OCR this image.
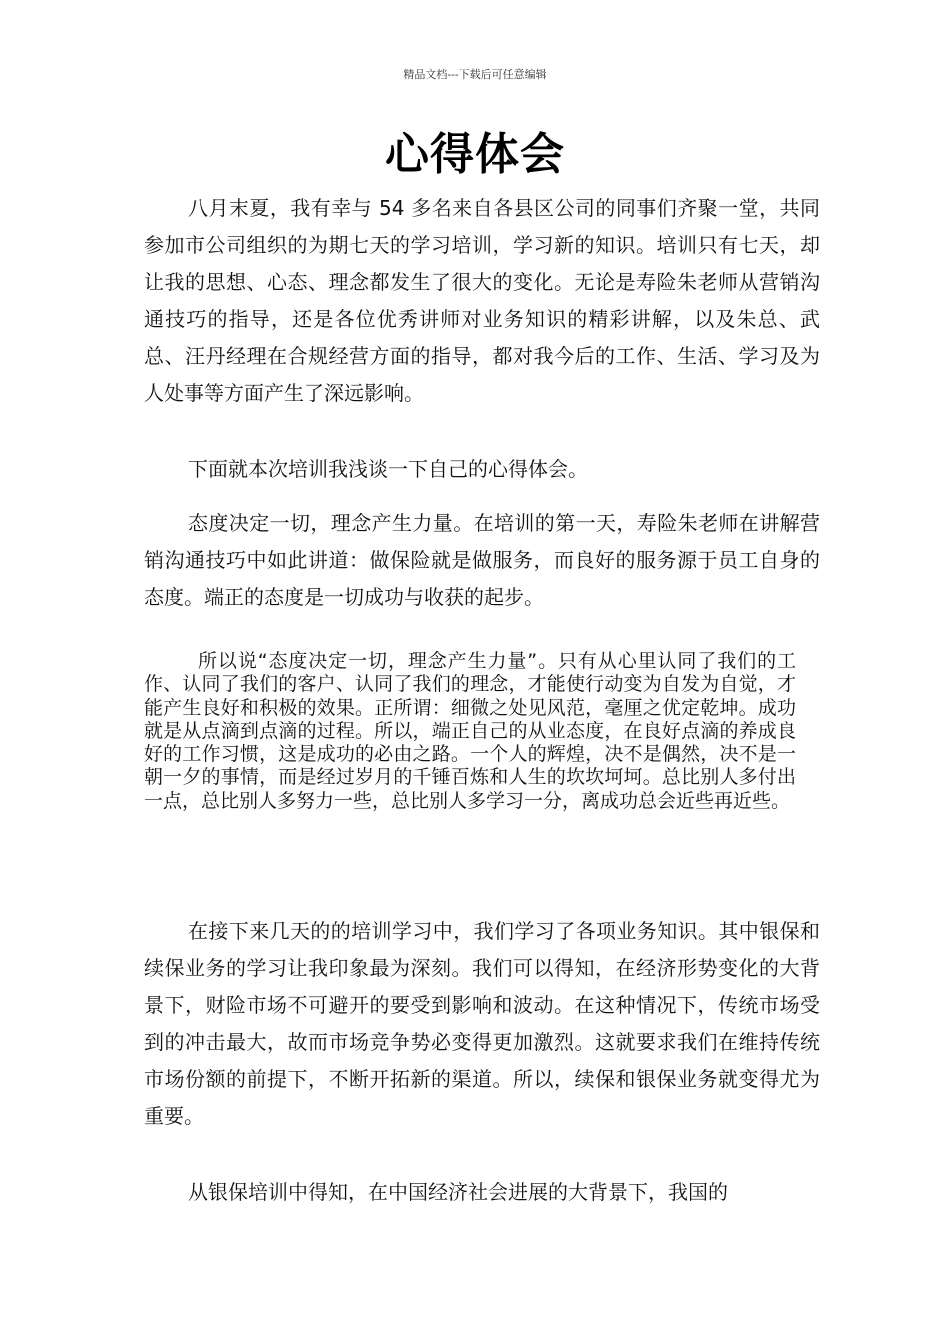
精品文档---下载后可任意编辑
心得体会

八月末夏，我有幸与 54 多名来自各县区公司的同事们齐聚一堂，共同参加市公司组织的为期七天的学习培训，学习新的知识。培训只有七天，却让我的思想、心态、理念都发生了很大的变化。无论是寿险朱老师从营销沟通技巧的指导，还是各位优秀讲师对业务知识的精彩讲解，以及朱总、武总、汪丹经理在合规经营方面的指导，都对我今后的工作、生活、学习及为人处事等方面产生了深远影响。

下面就本次培训我浅谈一下自己的心得体会。

态度决定一切，理念产生力量。在培训的第一天，寿险朱老师在讲解营销沟通技巧中如此讲道：做保险就是做服务，而良好的服务源于员工自身的态度。端正的态度是一切成功与收获的起步。

所以说“态度决定一切，理念产生力量”。只有从心里认同了我们的工作、认同了我们的客户、认同了我们的理念，才能使行动变为自发为自觉，才能产生良好和积极的效果。正所谓：细微之处见风范，毫厘之优定乾坤。成功就是从点滴到点滴的过程。所以，端正自己的从业态度，在良好点滴的养成良好的工作习惯，这是成功的必由之路。一个人的辉煌，决不是偶然，决不是一朝一夕的事情，而是经过岁月的千锤百炼和人生的坎坎坷坷。总比别人多付出一点，总比别人多努力一些，总比别人多学习一分，离成功总会近些再近些。

在接下来几天的的培训学习中，我们学习了各项业务知识。其中银保和续保业务的学习让我印象最为深刻。我们可以得知，在经济形势变化的大背景下，财险市场不可避开的要受到影响和波动。在这种情况下，传统市场受到的冲击最大，故而市场竞争势必变得更加激烈。这就要求我们在维持传统市场份额的前提下，不断开拓新的渠道。所以，续保和银保业务就变得尤为重要。

从银保培训中得知，在中国经济社会进展的大背景下，我国的
